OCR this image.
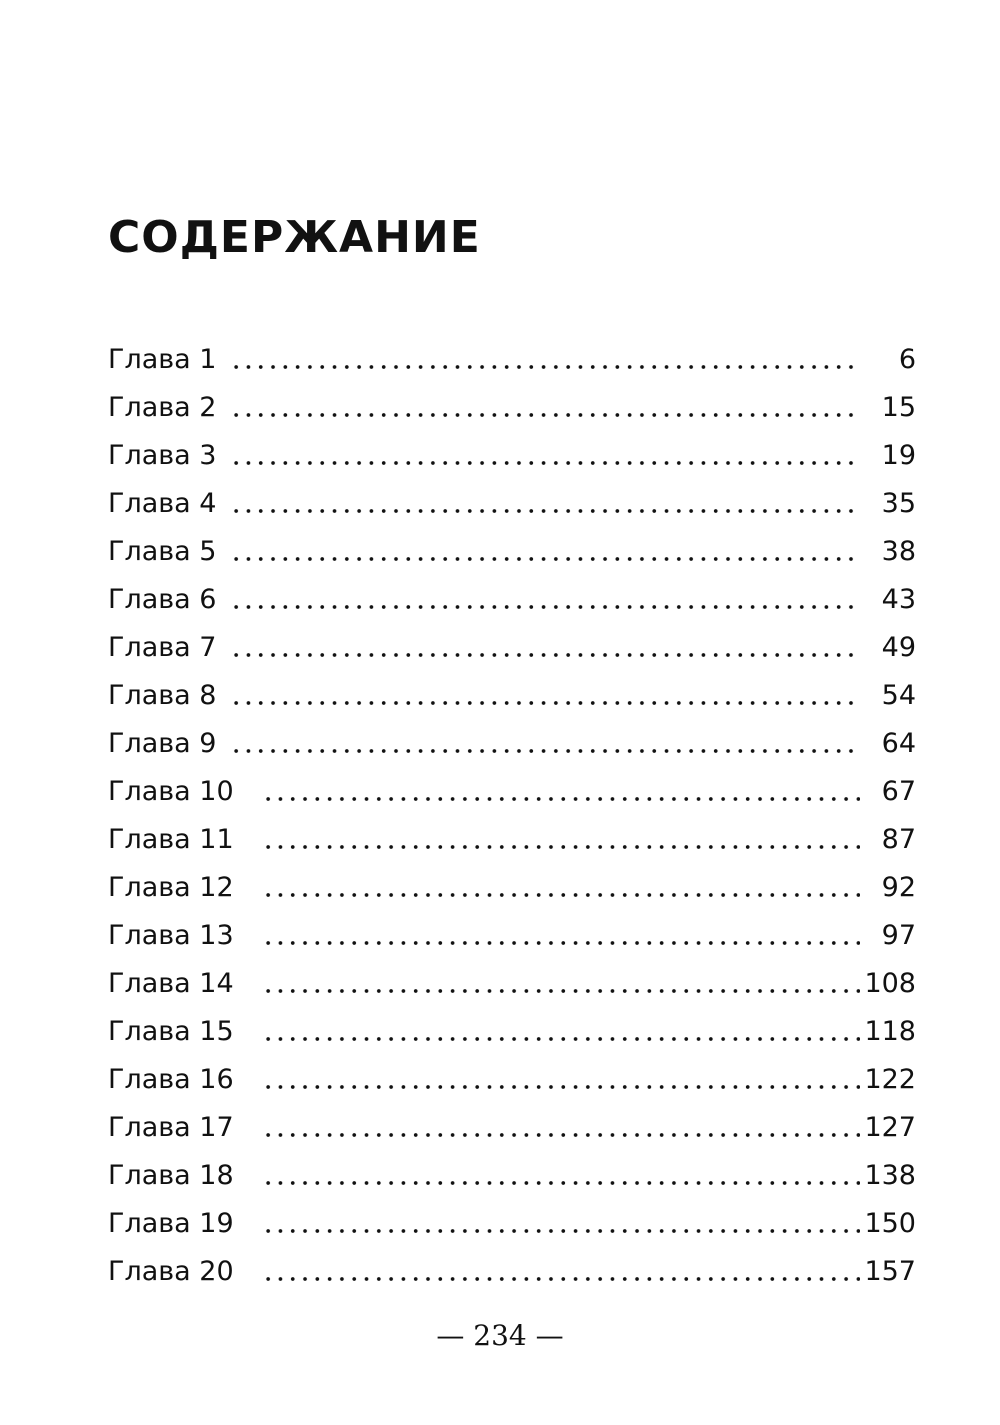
СОДЕРЖАНИЕ
Глава 1	6
Глава 2	15
Глава 3	19
Глава 4	35
Глава 5	38
Глава 6	43
Глава 7	49
Глава 8	54
Глава 9	64
Глава 10	67
Глава 11	87
Глава 12	92
Глава 13	97
Глава 14	108
Глава 15	118
Глава 16	122
Глава 17	127
Глава 18	138
Глава 19	150
Глава 20	157
— 234 —
